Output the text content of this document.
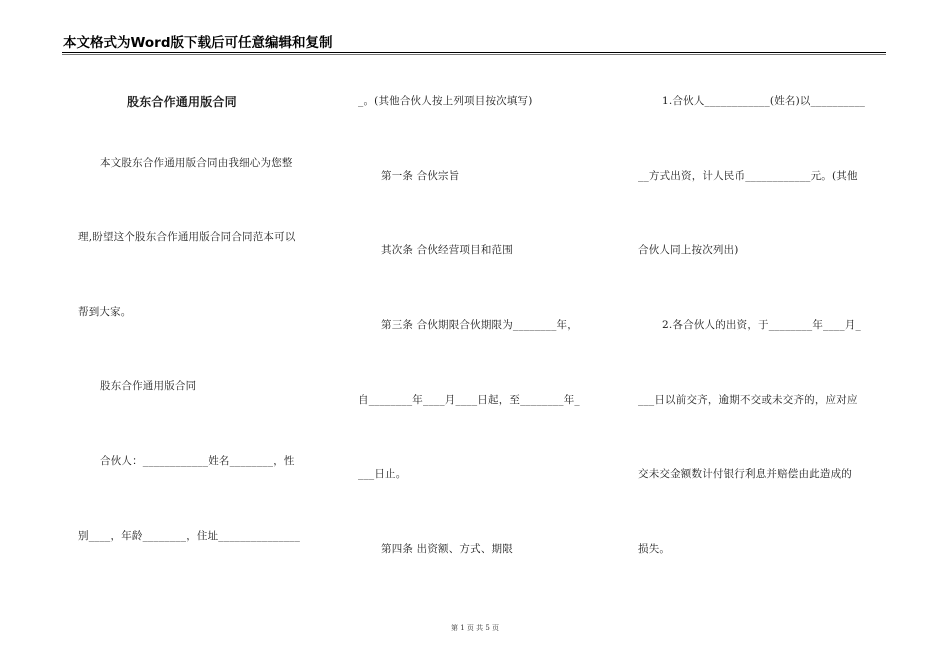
本文格式为Word版下载后可任意编辑和复制
股东合作通用版合同
本文股东合作通用版合同由我细心为您整
理,盼望这个股东合作通用版合同合同范本可以
帮到大家。
股东合作通用版合同
合伙人：____________姓名________，性
别____，年龄________，住址_______________
_。(其他合伙人按上列项目按次填写)
第一条 合伙宗旨
其次条 合伙经营项目和范围
第三条 合伙期限合伙期限为________年，
自________年____月____日起，至________年_
___日止。
第四条 出资额、方式、期限
1.合伙人____________(姓名)以__________
__方式出资，计人民币____________元。(其他
合伙人同上按次列出)
2.各合伙人的出资，于________年____月_
___日以前交齐，逾期不交或未交齐的，应对应
交未交金额数计付银行利息并赔偿由此造成的
损失。
第 1 页 共 5 页
